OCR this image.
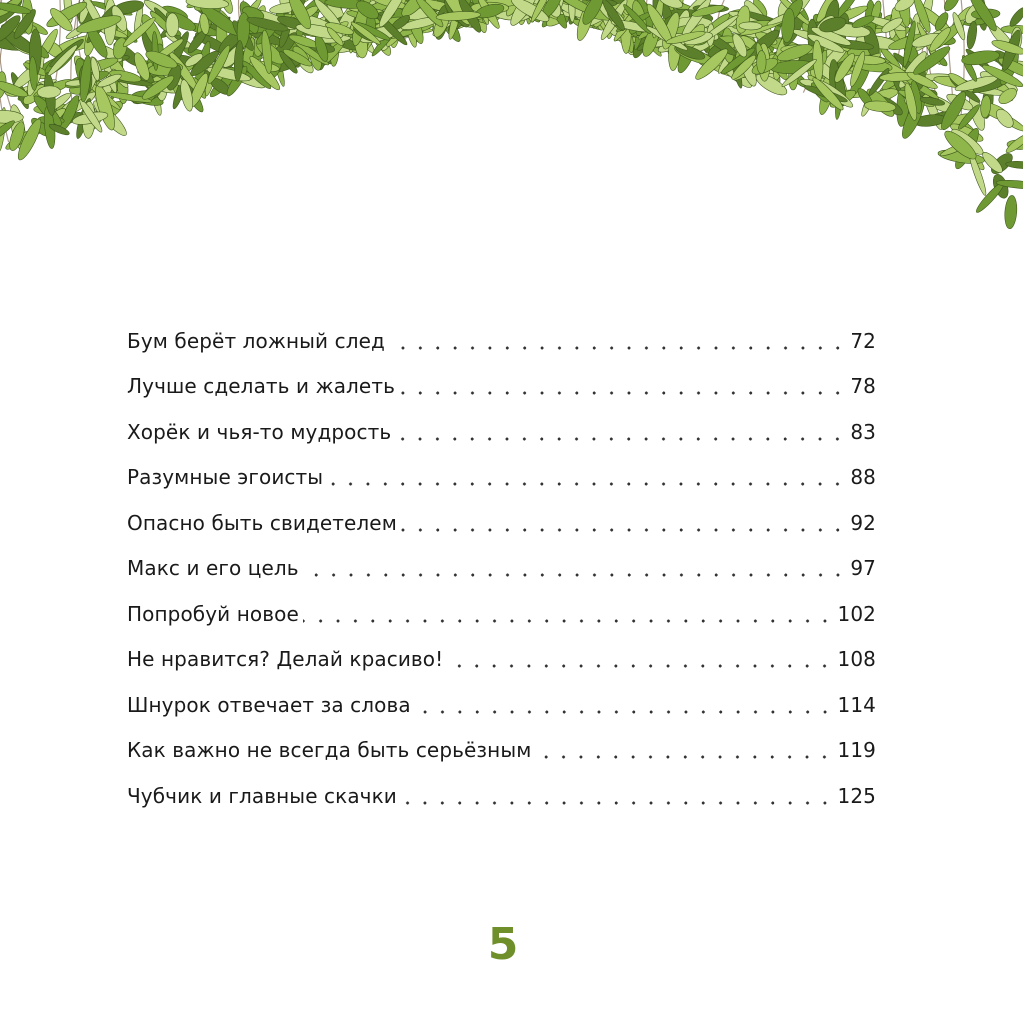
Бум берёт ложный след	72
Лучше сделать и жалеть	78
Хорёк и чья-то мудрость	83
Разумные эгоисты	88
Опасно быть свидетелем	92
Макс и его цель	97
Попробуй новое	102
Не нравится? Делай красиво!	108
Шнурок отвечает за слова	114
Как важно не всегда быть серьёзным	119
Чубчик и главные скачки	125
5
